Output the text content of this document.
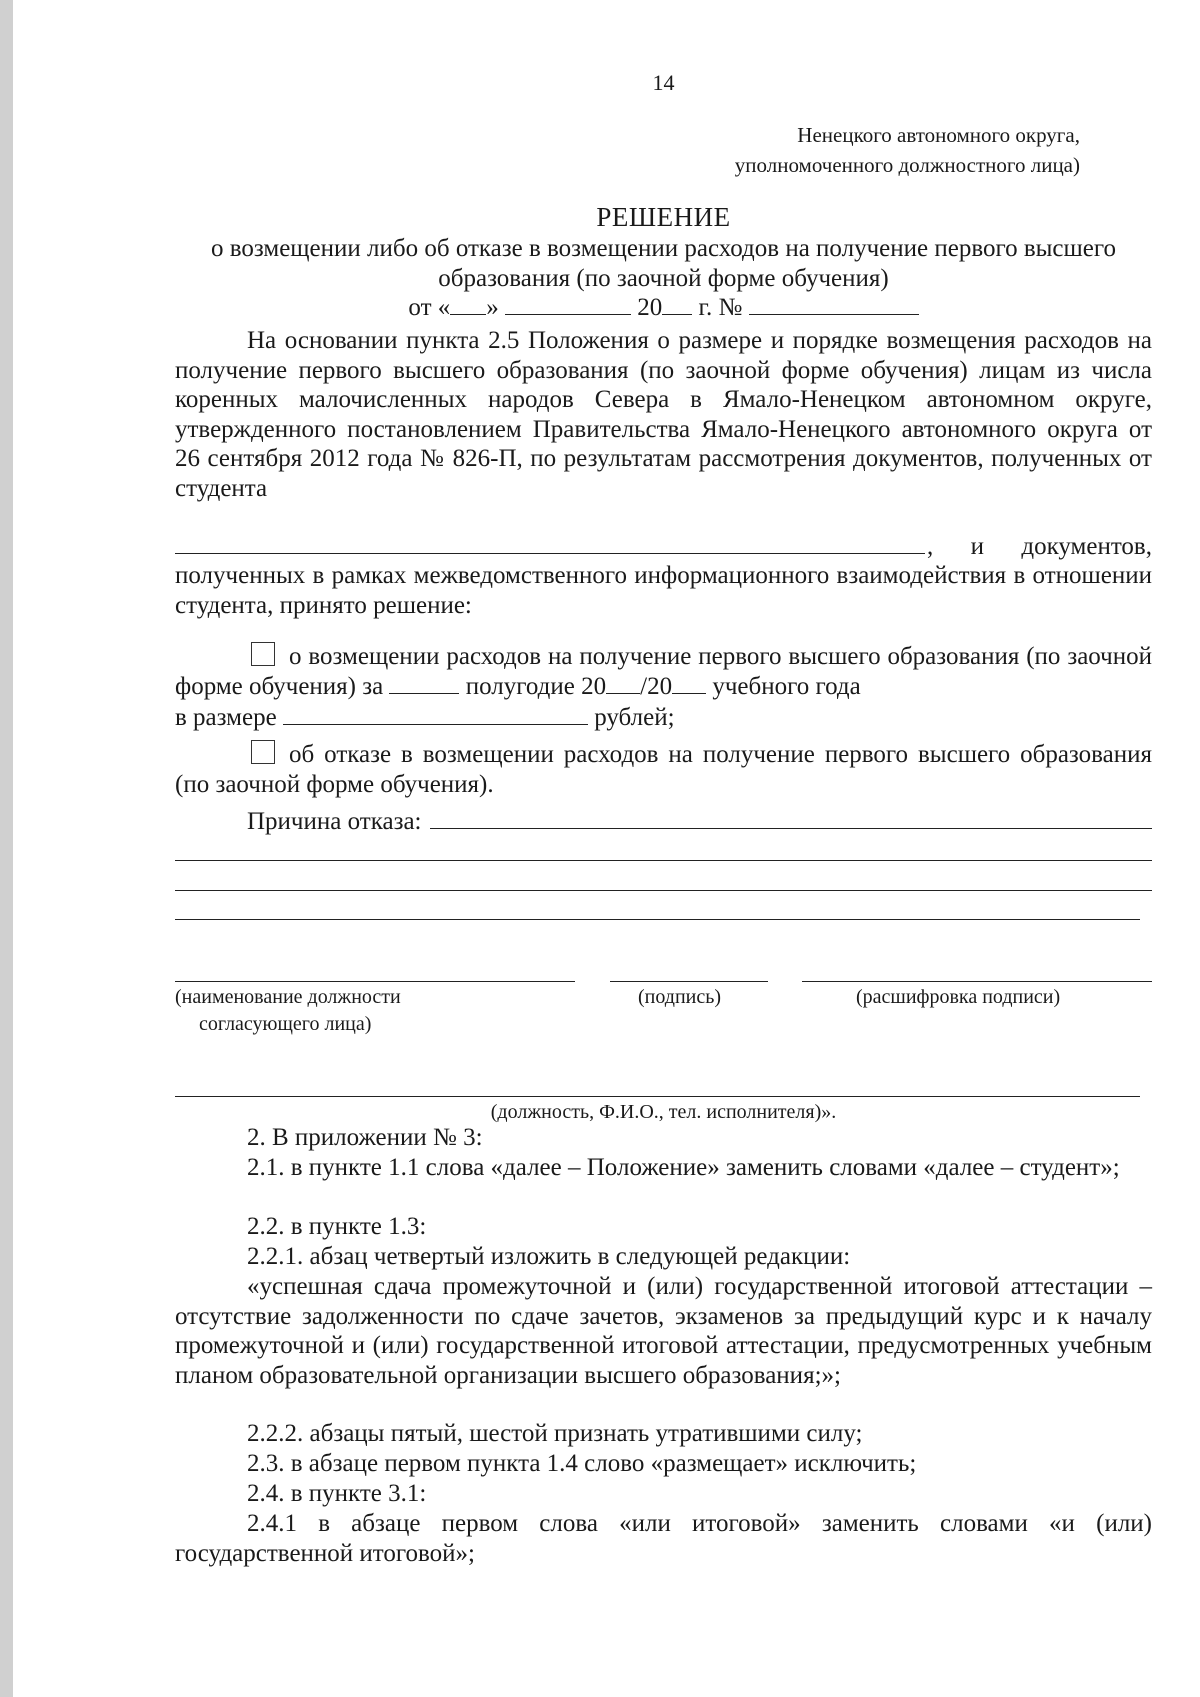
14
Ненецкого автономного округа,
уполномоченного должностного лица)
РЕШЕНИЕ
о возмещении либо об отказе в возмещении расходов на получение первого высшего образования (по заочной форме обучения)
от « »	20 г. №
На основании пункта 2.5 Положения о размере и порядке возмещения расходов на получение первого высшего образования (по заочной форме обучения) лицам из числа коренных малочисленных народов Севера в Ямало-Ненецком автономном округе, утвержденного постановлением Правительства Ямало-Ненецкого автономного округа от 26 сентября 2012 года № 826-П, по результатам рассмотрения документов, полученных от студента
, и документов,
полученных в рамках межведомственного информационного взаимодействия в отношении студента, принято решение:
о возмещении расходов на получение первого высшего образования (по заочной форме обучения) за	полугодие 20 /20 учебного года
в размере	рублей;
об отказе в возмещении расходов на получение первого высшего образования (по заочной форме обучения).
Причина отказа:
(наименование должности
согласующего лица)
(подпись)	(расшифровка подписи)
(должность, Ф.И.О., тел. исполнителя)».
2. В приложении № 3:
2.1. в пункте 1.1 слова «далее – Положение» заменить словами «далее – студент»;
2.2. в пункте 1.3:
2.2.1. абзац четвертый изложить в следующей редакции:
«успешная сдача промежуточной и (или) государственной итоговой аттестации – отсутствие задолженности по сдаче зачетов, экзаменов за предыдущий курс и к началу промежуточной и (или) государственной итоговой аттестации, предусмотренных учебным планом образовательной организации высшего образования;»;
2.2.2. абзацы пятый, шестой признать утратившими силу;
2.3. в абзаце первом пункта 1.4 слово «размещает» исключить;
2.4. в пункте 3.1:
2.4.1 в абзаце первом слова «или итоговой» заменить словами «и (или) государственной итоговой»;
